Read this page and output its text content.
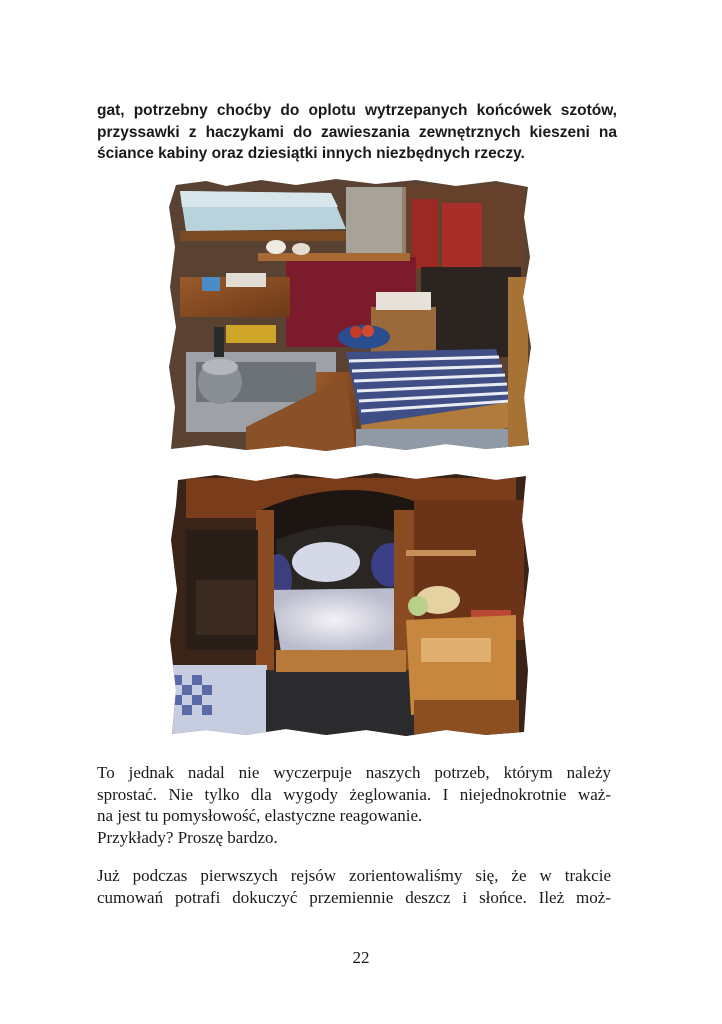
gat, potrzebny choćby do oplotu wytrzepanych końcówek szotów,
przyssawki z haczykami do zawieszania zewnętrznych kieszeni na
ściance kabiny oraz dziesiątki innych niezbędnych rzeczy.

To jednak nadal nie wyczerpuje naszych potrzeb, którym należy
sprostać. Nie tylko dla wygody żeglowania. I niejednokrotnie waż-
na jest tu pomysłowość, elastyczne reagowanie.
Przykłady? Proszę bardzo.

Już podczas pierwszych rejsów zorientowaliśmy się, że w trakcie
cumowań potrafi dokuczyć przemiennie deszcz i słońce. Ileż moż-

22
